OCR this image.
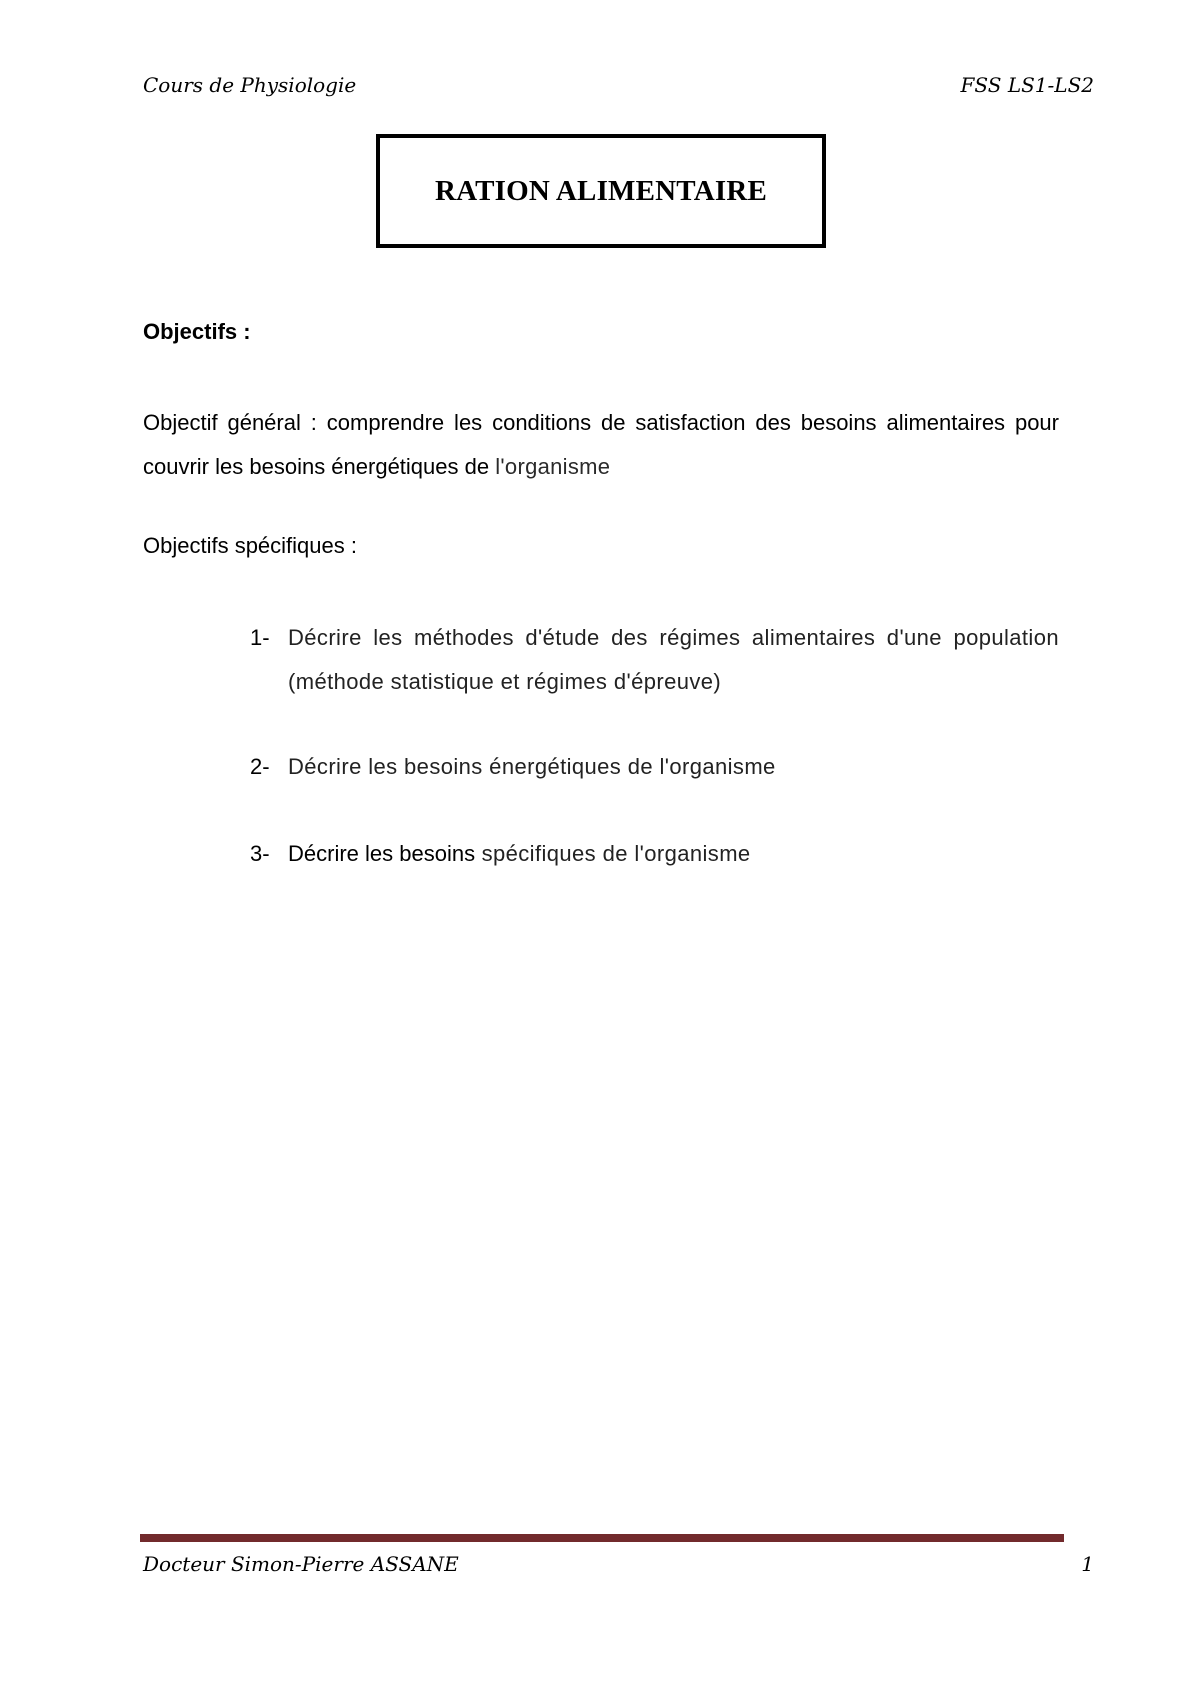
Cours de Physiologie	FSS LS1-LS2
RATION ALIMENTAIRE
Objectifs :
Objectif général : comprendre les conditions de satisfaction des besoins alimentaires pour couvrir les besoins énergétiques de l'organisme
Objectifs spécifiques :
1- Décrire les méthodes d'étude des régimes alimentaires d'une population (méthode statistique et régimes d'épreuve)
2- Décrire les besoins énergétiques de l'organisme
3- Décrire les besoins spécifiques de l'organisme
Docteur Simon-Pierre ASSANE	1
